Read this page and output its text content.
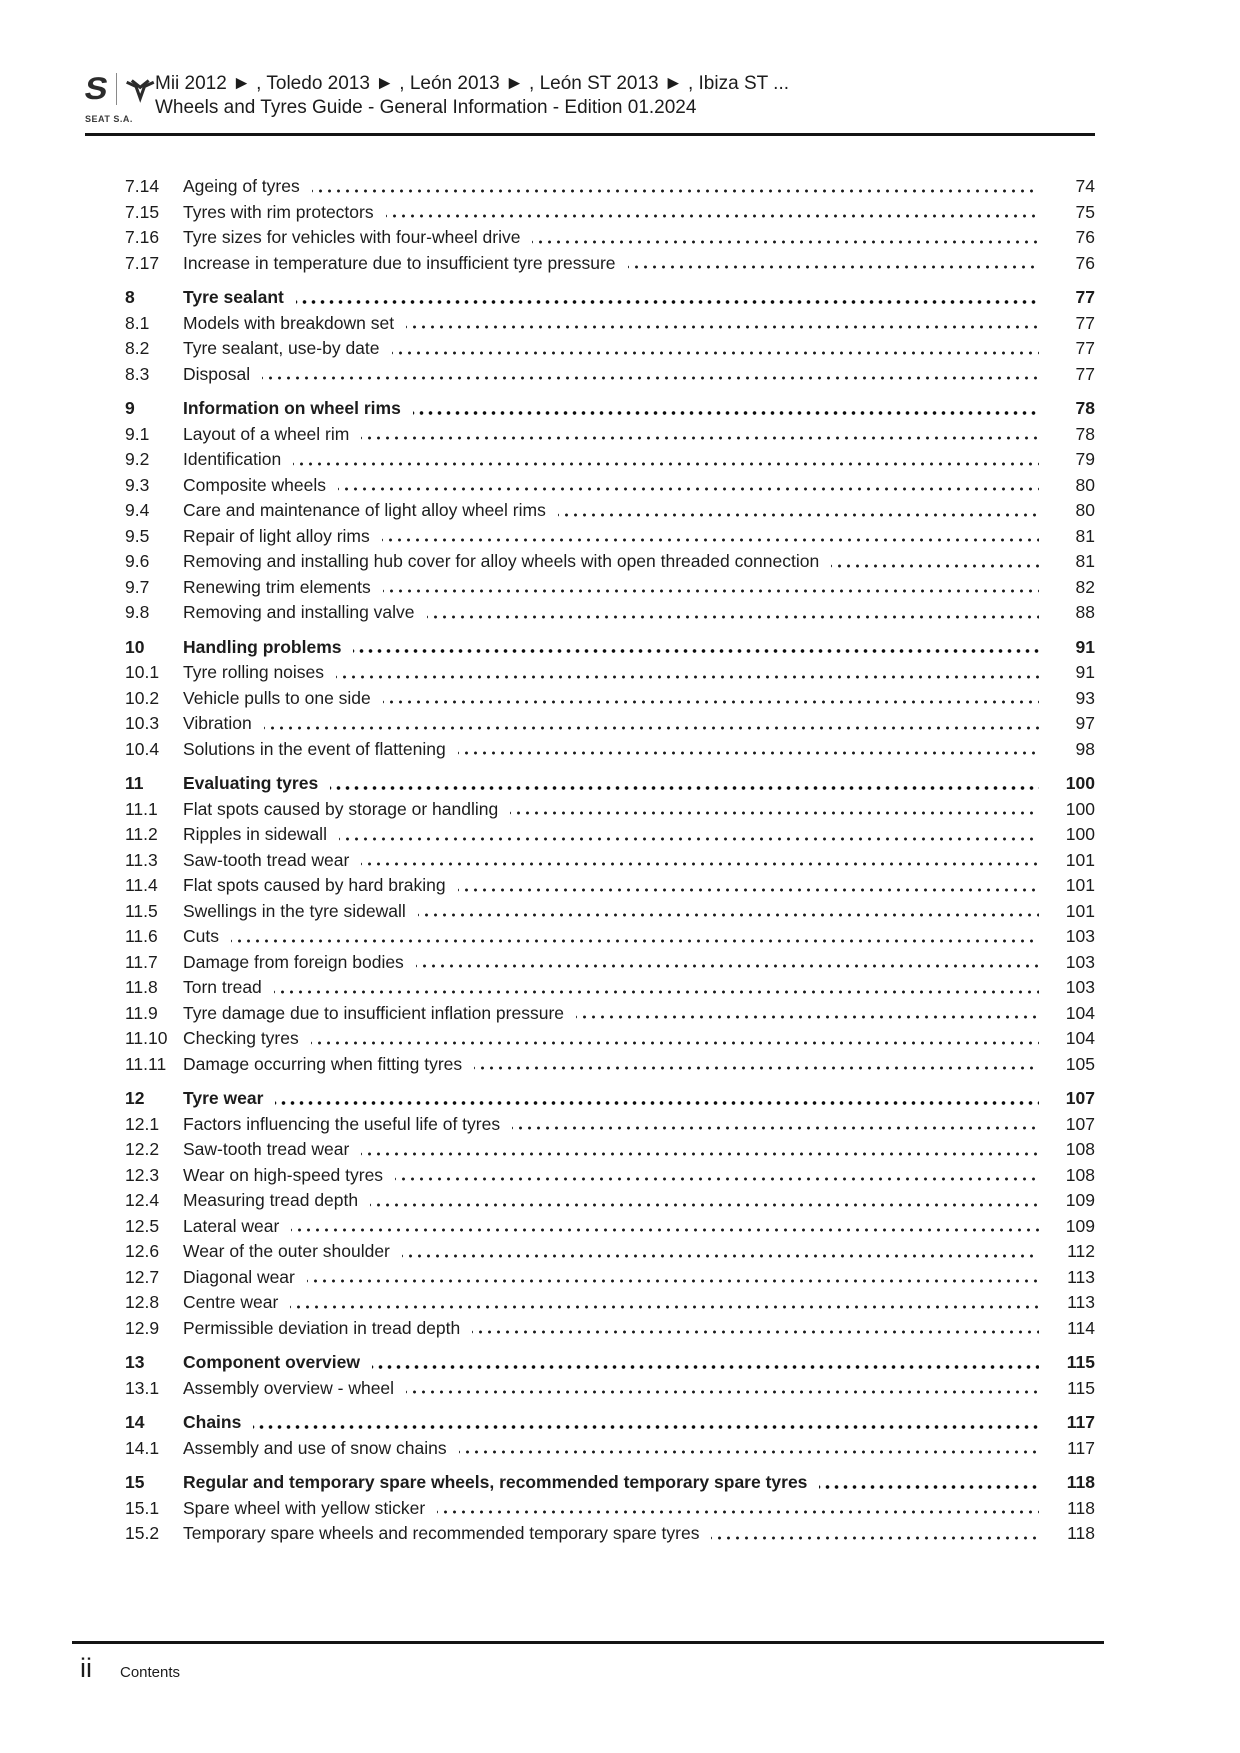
S
SEAT S.A.
Mii 2012 ► , Toledo 2013 ► , León 2013 ► , León ST 2013 ► , Ibiza ST ...
Wheels and Tyres Guide - General Information - Edition 01.2024
7.14	Ageing of tyres	74
7.15	Tyres with rim protectors	75
7.16	Tyre sizes for vehicles with four-wheel drive	76
7.17	Increase in temperature due to insufficient tyre pressure	76
8	Tyre sealant	77
8.1	Models with breakdown set	77
8.2	Tyre sealant, use-by date	77
8.3	Disposal	77
9	Information on wheel rims	78
9.1	Layout of a wheel rim	78
9.2	Identification	79
9.3	Composite wheels	80
9.4	Care and maintenance of light alloy wheel rims	80
9.5	Repair of light alloy rims	81
9.6	Removing and installing hub cover for alloy wheels with open threaded connection	81
9.7	Renewing trim elements	82
9.8	Removing and installing valve	88
10	Handling problems	91
10.1	Tyre rolling noises	91
10.2	Vehicle pulls to one side	93
10.3	Vibration	97
10.4	Solutions in the event of flattening	98
11	Evaluating tyres	100
11.1	Flat spots caused by storage or handling	100
11.2	Ripples in sidewall	100
11.3	Saw-tooth tread wear	101
11.4	Flat spots caused by hard braking	101
11.5	Swellings in the tyre sidewall	101
11.6	Cuts	103
11.7	Damage from foreign bodies	103
11.8	Torn tread	103
11.9	Tyre damage due to insufficient inflation pressure	104
11.10 Checking tyres	104
11.11 Damage occurring when fitting tyres	105
12	Tyre wear	107
12.1	Factors influencing the useful life of tyres	107
12.2	Saw-tooth tread wear	108
12.3	Wear on high-speed tyres	108
12.4	Measuring tread depth	109
12.5	Lateral wear	109
12.6	Wear of the outer shoulder	112
12.7	Diagonal wear	113
12.8	Centre wear	113
12.9	Permissible deviation in tread depth	114
13	Component overview	115
13.1	Assembly overview - wheel	115
14	Chains	117
14.1	Assembly and use of snow chains	117
15	Regular and temporary spare wheels, recommended temporary spare tyres	118
15.1	Spare wheel with yellow sticker	118
15.2	Temporary spare wheels and recommended temporary spare tyres	118
ii Contents
